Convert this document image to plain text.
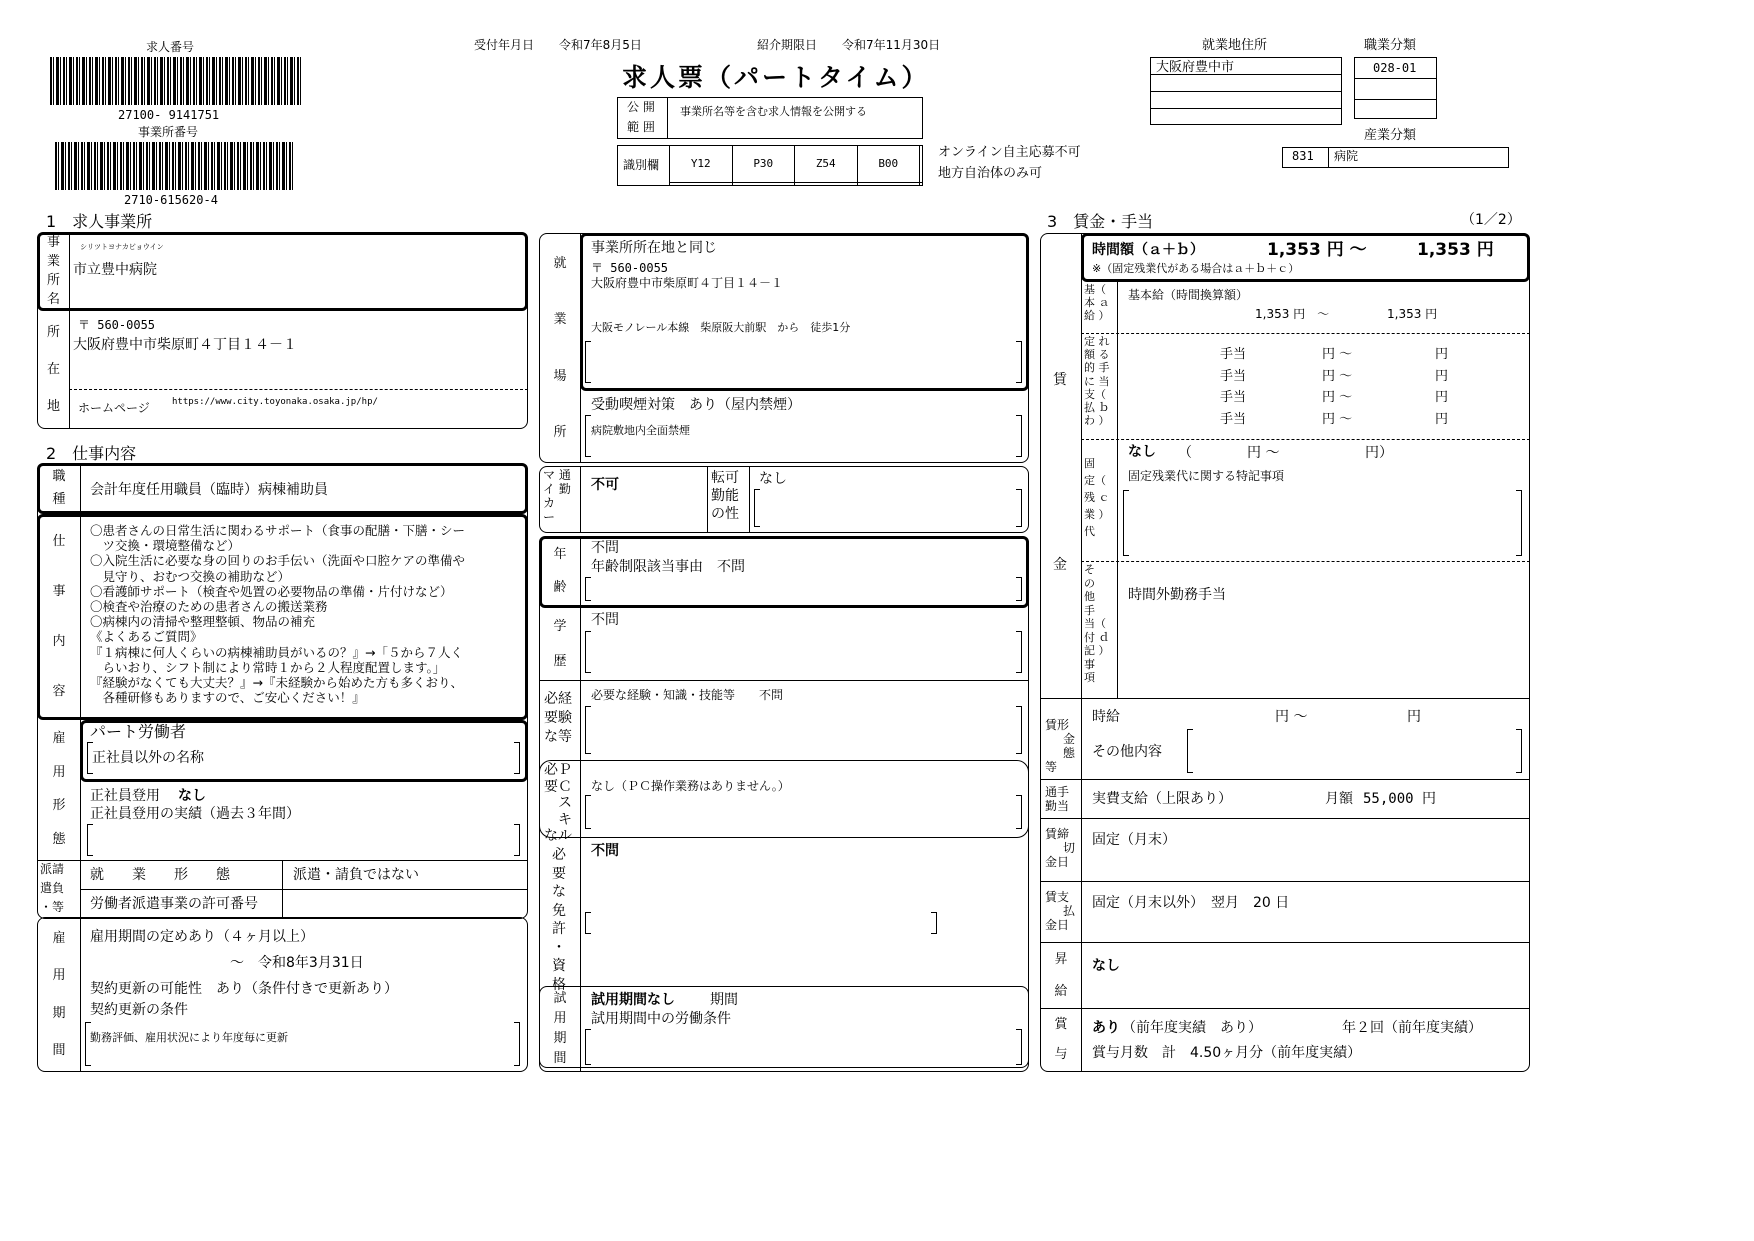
求人番号
27100- 9141751
事業所番号
2710-615620-4
受付年月日 令和7年8月5日	紹介期限日 令和7年11月30日
求人票（パートタイム）
公 開
範 囲
事業所名等を含む求人情報を公開する
識別欄	Y12	P30	Z54	B00	

オンライン自主応募不可
地方自治体のみ可
就業地住所
大阪府豊中市
職業分類
028-01
産業分類
831 病院
1　求人事業所
事
業
所
名
シリツトヨナカビョウイン
市立豊中病院
所
在
地
〒 560-0055
大阪府豊中市柴原町４丁目１４－１
ホームページ https://www.city.toyonaka.osaka.jp/hp/
2　仕事内容
職
種
会計年度任用職員（臨時）病棟補助員
仕
事
内
容
〇患者さんの日常生活に関わるサポート（食事の配膳・下膳・シー
　ツ交換・環境整備など）
〇入院生活に必要な身の回りのお手伝い（洗面や口腔ケアの準備や
　見守り、おむつ交換の補助など）
〇看護師サポート（検査や処置の必要物品の準備・片付けなど）
〇検査や治療のための患者さんの搬送業務
〇病棟内の清掃や整理整頓、物品の補充
《よくあるご質問》
『１病棟に何人くらいの病棟補助員がいるの？』→「５から７人く
　らいおり、シフト制により常時１から２人程度配置します。」
『経験がなくても大丈夫？』→『未経験から始めた方も多くおり、
　各種研修もありますので、ご安心ください！』
雇
用
形
態
パート労働者
正社員以外の名称
正社員登用 なし
正社員登用の実績（過去３年間）
派請
遣負
・等
就　　業　　形　　態	派遣・請負ではない
労働者派遣事業の許可番号
雇
用
期
間
雇用期間の定めあり（４ヶ月以上）
～　令和8年3月31日
契約更新の可能性　あり（条件付きで更新あり）
契約更新の条件
勤務評価、雇用状況により年度毎に更新
就
業
場
所
事業所所在地と同じ
〒 560-0055
大阪府豊中市柴原町４丁目１４－１
大阪モノレール本線　柴原阪大前駅　から　徒歩1分
受動喫煙対策　あり（屋内禁煙）
病院敷地内全面禁煙
マ 通
イ 勤
カ
ー
不可	転可
勤能
の性
なし
年
齢
不問
年齢制限該当事由　不問
学
歴
不問
必経
要験
な等
必要な経験・知識・技能等　　不問
必Ｐ
要Ｃ
　ス
　キ
なル
なし（ＰＣ操作業務はありません。）
必
要
な
免
許
・
資
格
不問
試
用
期
間
試用期間なし	期間
試用期間中の労働条件
3　賃金・手当	（1／2）
時間額（ａ＋ｂ）	1,353 円 ～	1,353 円
※（固定残業代がある場合はａ＋ｂ＋ｃ）
賃
金
基（
本 ａ
給 ）
基本給（時間換算額）
1,353 円　～	1,353 円
定 れ
額 る
的 手
に 当
支（
払 ｂ
わ ）
手当	円 ～	円
手当	円 ～	円
手当	円 ～	円
手当	円 ～	円
固
定（
残 ｃ
業 ）
代
なし （	円 ～	円）
固定残業代に関する特記事項
そ
の
他
手
当（
付 ｄ
記 ）
事
項
時間外勤務手当
賃形
金態
等
時給	円 ～	円
その他内容
通手
勤当	実費支給（上限あり）	月額 55,000 円
賃締
切
金日
固定（月末）
賃支
払
金日
固定（月末以外）　翌月　20 日
昇
給
なし
賞
与
あり （前年度実績　あり）	年２回（前年度実績）
賞与月数　計　4.50ヶ月分（前年度実績）
